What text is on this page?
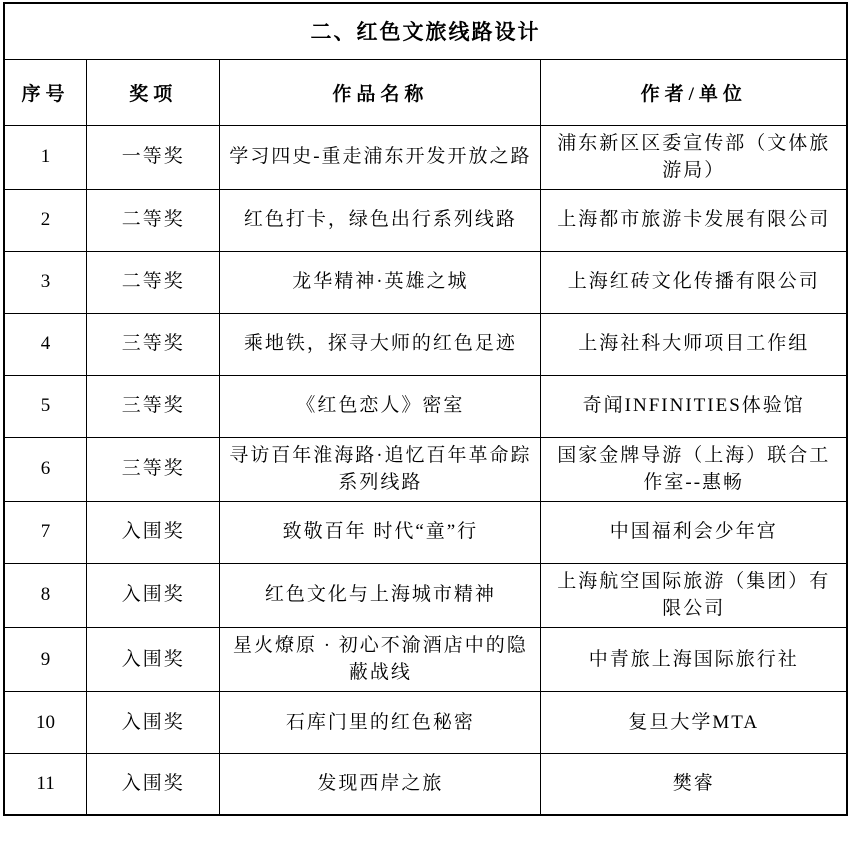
二、红色文旅线路设计			
序号	奖项	作品名称	作者/单位
1	一等奖	学习四史-重走浦东开发开放之路	浦东新区区委宣传部（文体旅游局）
2	二等奖	红色打卡，绿色出行系列线路	上海都市旅游卡发展有限公司
3	二等奖	龙华精神·英雄之城	上海红砖文化传播有限公司
4	三等奖	乘地铁，探寻大师的红色足迹	上海社科大师项目工作组
5	三等奖	《红色恋人》密室	奇闻INFINITIES体验馆
6	三等奖	寻访百年淮海路·追忆百年革命踪系列线路	国家金牌导游（上海）联合工作室--惠畅
7	入围奖	致敬百年 时代“童”行	中国福利会少年宫
8	入围奖	红色文化与上海城市精神	上海航空国际旅游（集团）有限公司
9	入围奖	星火燎原 · 初心不渝酒店中的隐蔽战线	中青旅上海国际旅行社
10	入围奖	石库门里的红色秘密	复旦大学MTA
11	入围奖	发现西岸之旅	樊睿
